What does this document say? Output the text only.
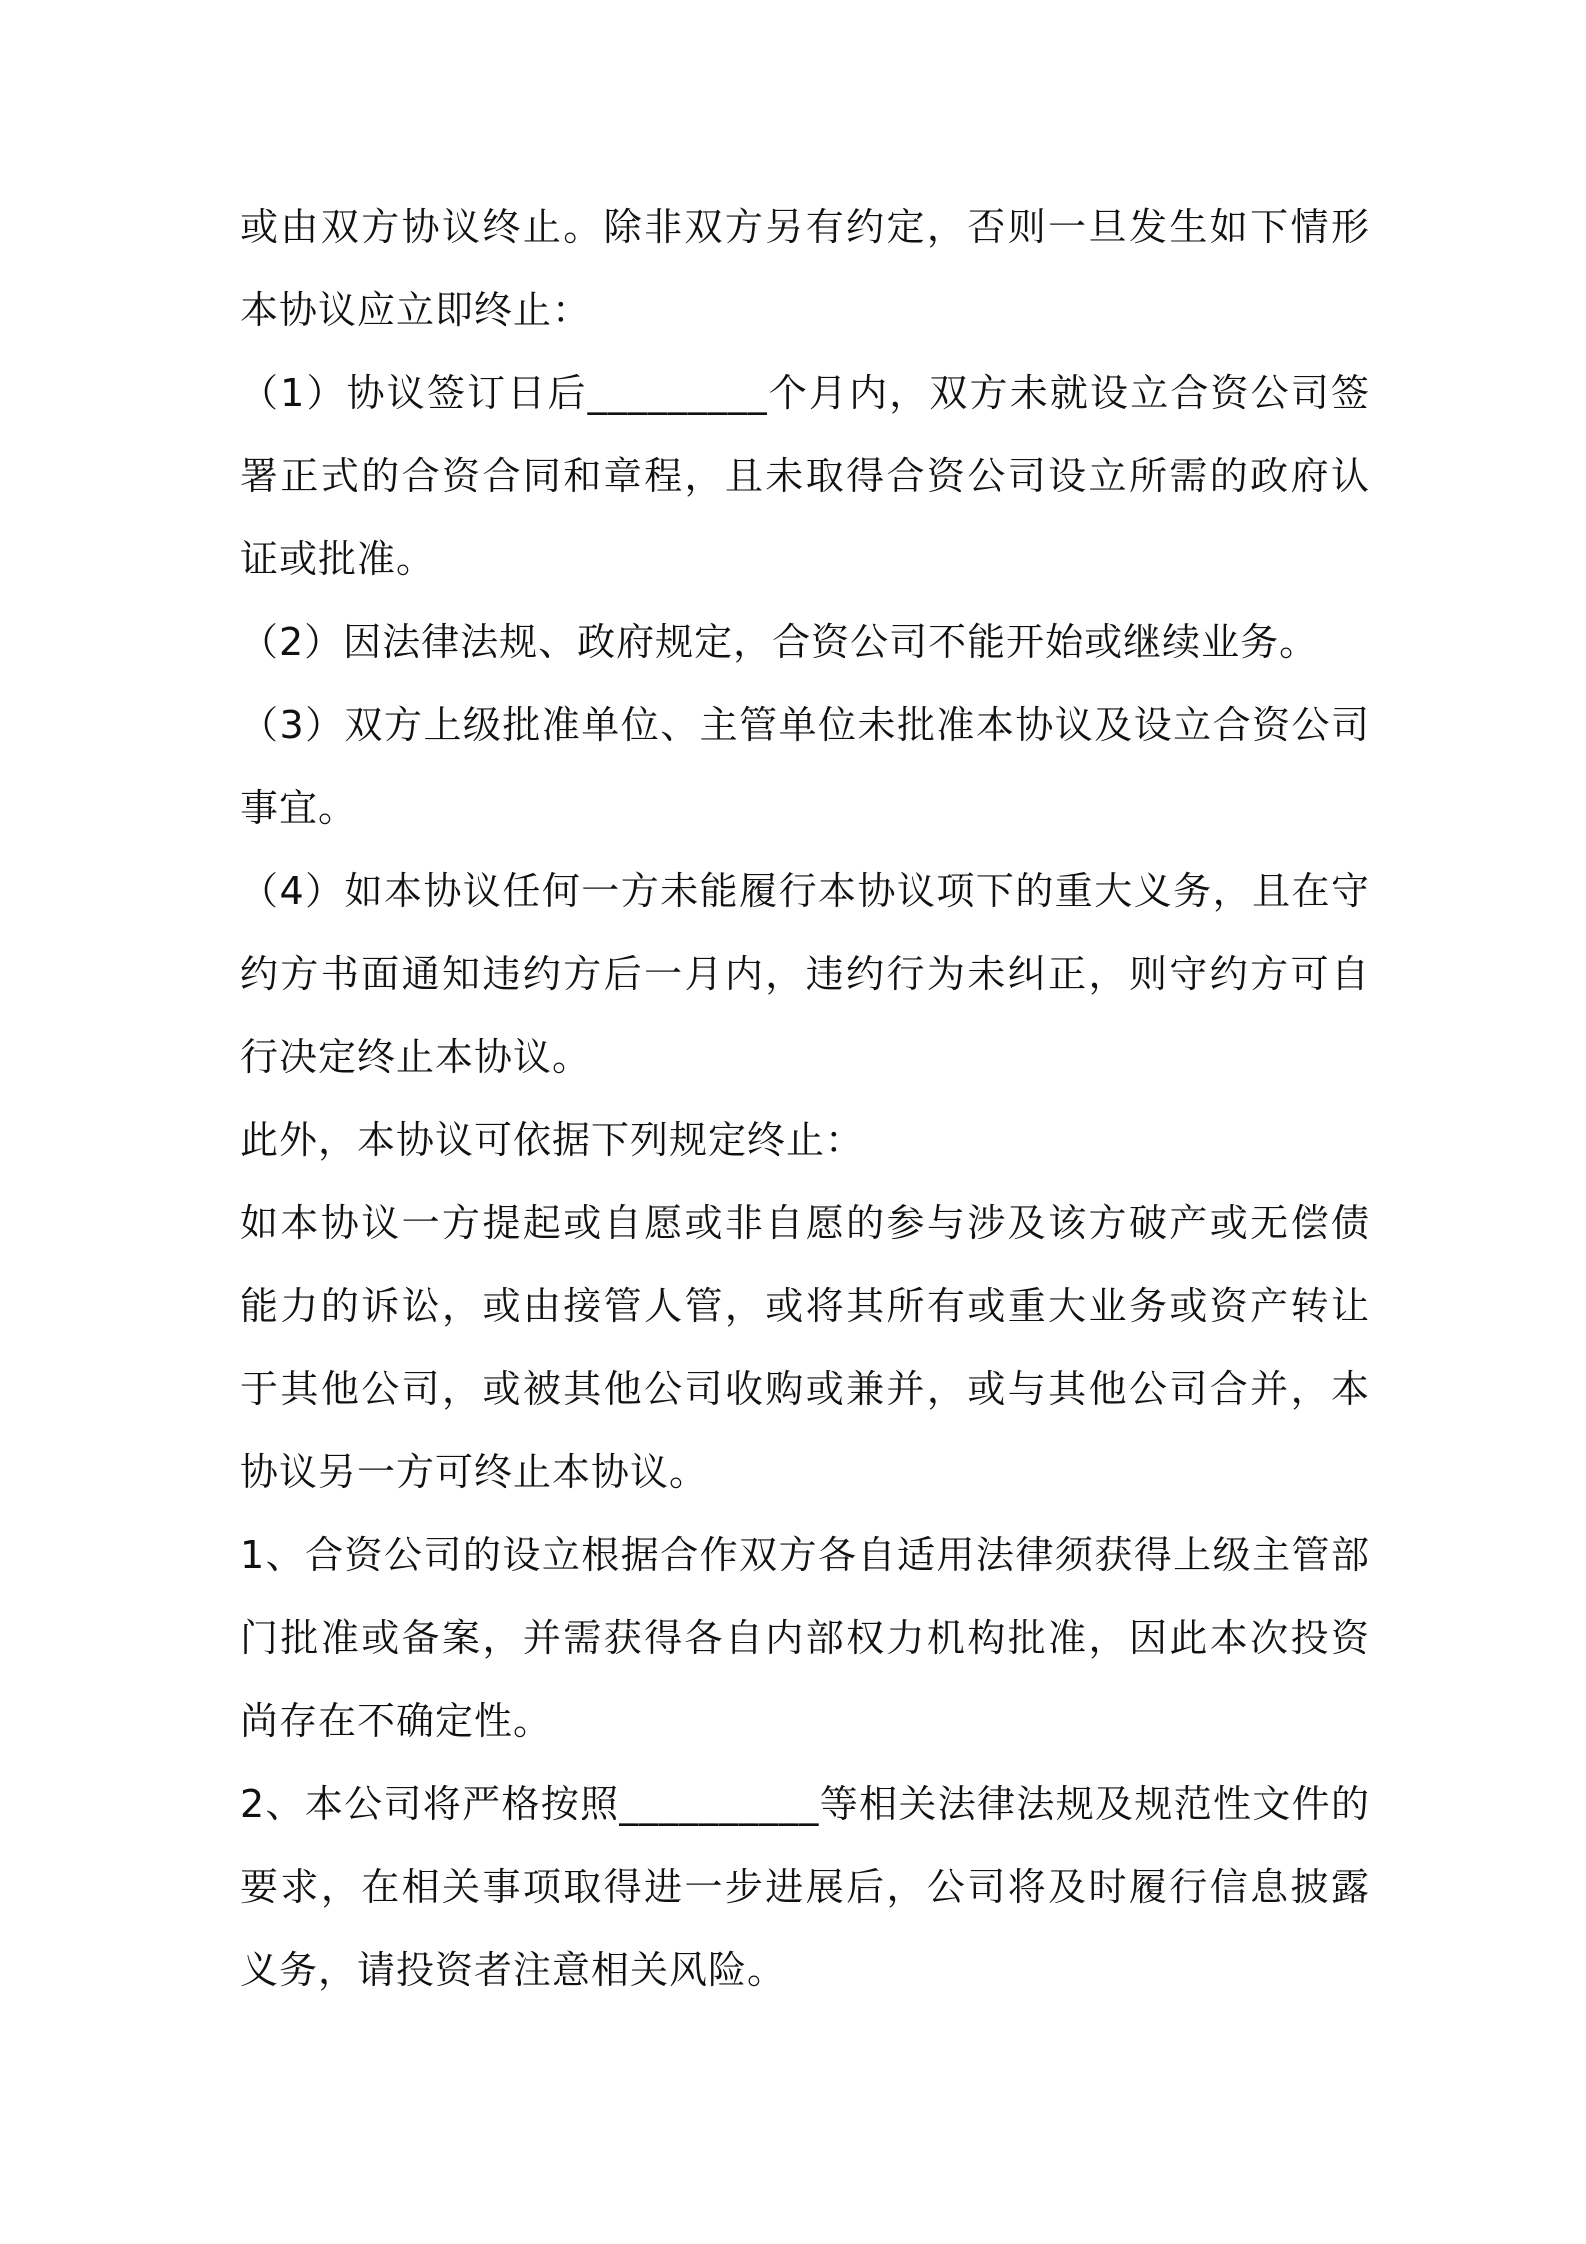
或由双方协议终止。除非双方另有约定，否则一旦发生如下情形本协议应立即终止：

（1）协议签订日后_________个月内，双方未就设立合资公司签署正式的合资合同和章程，且未取得合资公司设立所需的政府认证或批准。

（2）因法律法规、政府规定，合资公司不能开始或继续业务。

（3）双方上级批准单位、主管单位未批准本协议及设立合资公司事宜。

（4）如本协议任何一方未能履行本协议项下的重大义务，且在守约方书面通知违约方后一月内，违约行为未纠正，则守约方可自行决定终止本协议。

此外，本协议可依据下列规定终止：

如本协议一方提起或自愿或非自愿的参与涉及该方破产或无偿债能力的诉讼，或由接管人管，或将其所有或重大业务或资产转让于其他公司，或被其他公司收购或兼并，或与其他公司合并，本协议另一方可终止本协议。

1、合资公司的设立根据合作双方各自适用法律须获得上级主管部门批准或备案，并需获得各自内部权力机构批准，因此本次投资尚存在不确定性。

2、本公司将严格按照__________等相关法律法规及规范性文件的要求，在相关事项取得进一步进展后，公司将及时履行信息披露义务，请投资者注意相关风险。
